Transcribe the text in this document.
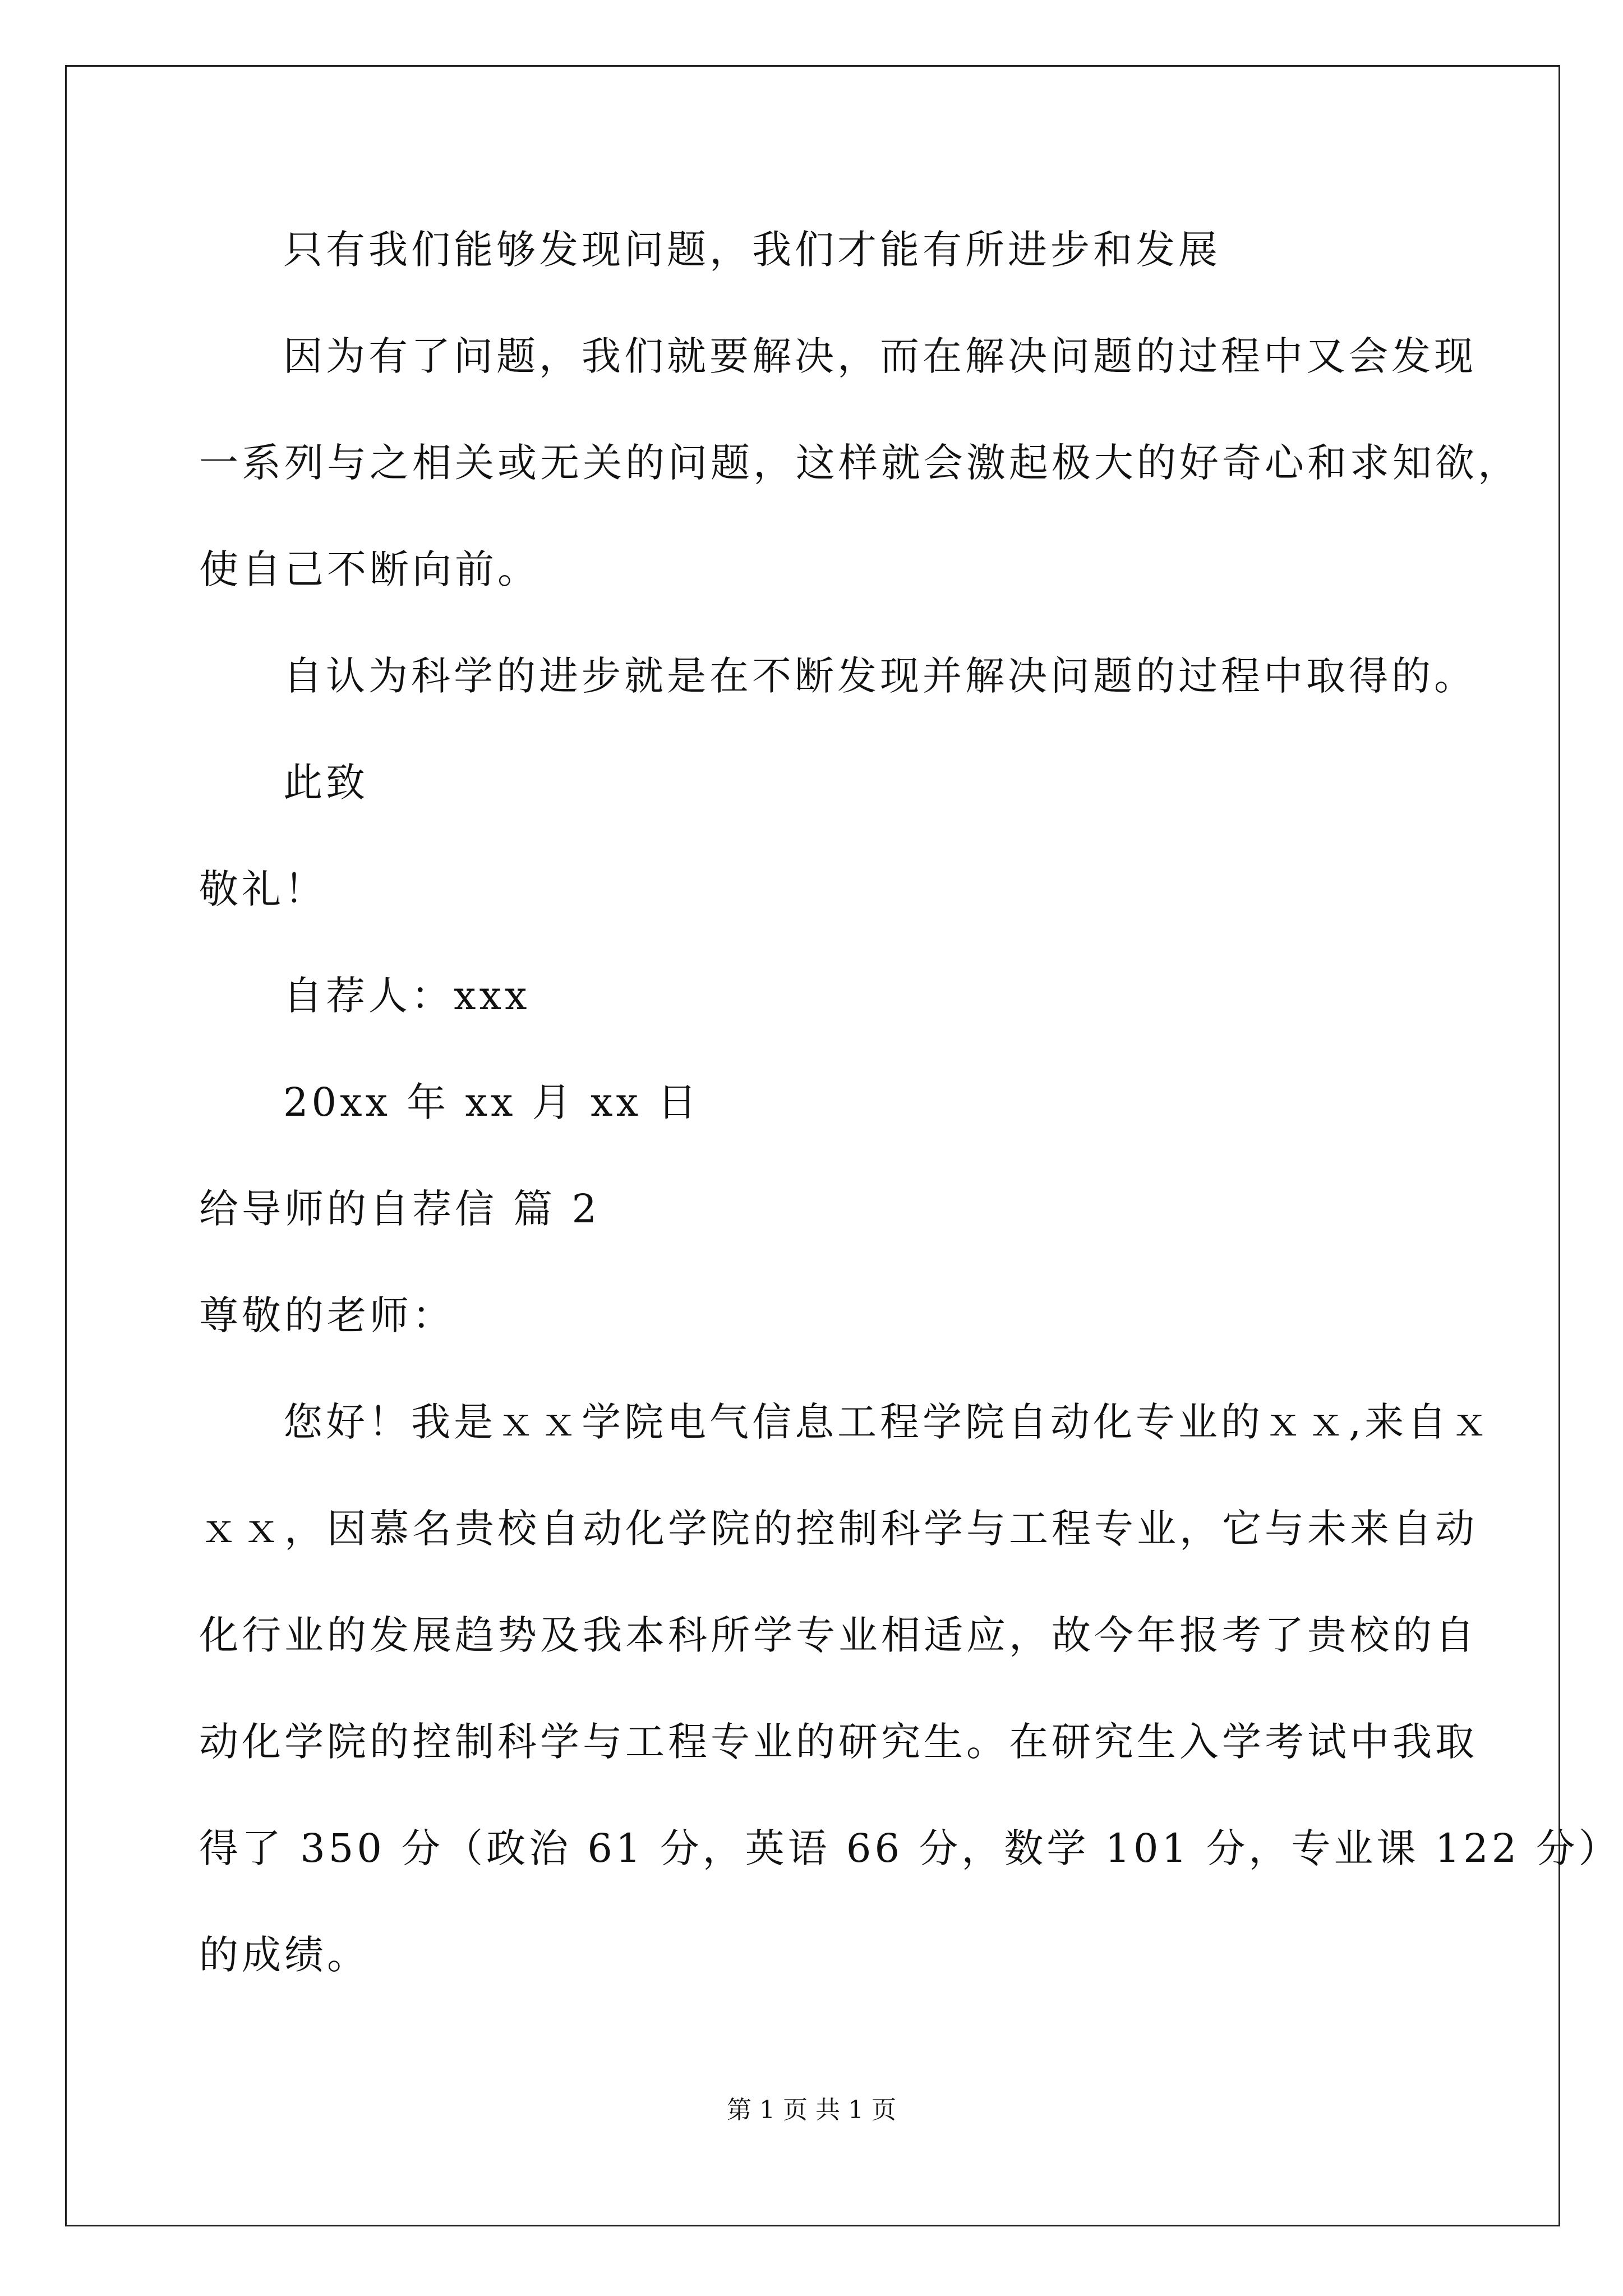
只有我们能够发现问题，我们才能有所进步和发展

因为有了问题，我们就要解决，而在解决问题的过程中又会发现

一系列与之相关或无关的问题，这样就会激起极大的好奇心和求知欲，

使自己不断向前。

自认为科学的进步就是在不断发现并解决问题的过程中取得的。

此致

敬礼！

自荐人：xxx

20xx 年 xx 月 xx 日

给导师的自荐信 篇 2

尊敬的老师：

您好！我是ｘｘ学院电气信息工程学院自动化专业的ｘｘ,来自ｘ

ｘｘ，因慕名贵校自动化学院的控制科学与工程专业，它与未来自动

化行业的发展趋势及我本科所学专业相适应，故今年报考了贵校的自

动化学院的控制科学与工程专业的研究生。在研究生入学考试中我取

得了 350 分（政治 61 分，英语 66 分，数学 101 分，专业课 122 分）

的成绩。

第 1 页 共 1 页
